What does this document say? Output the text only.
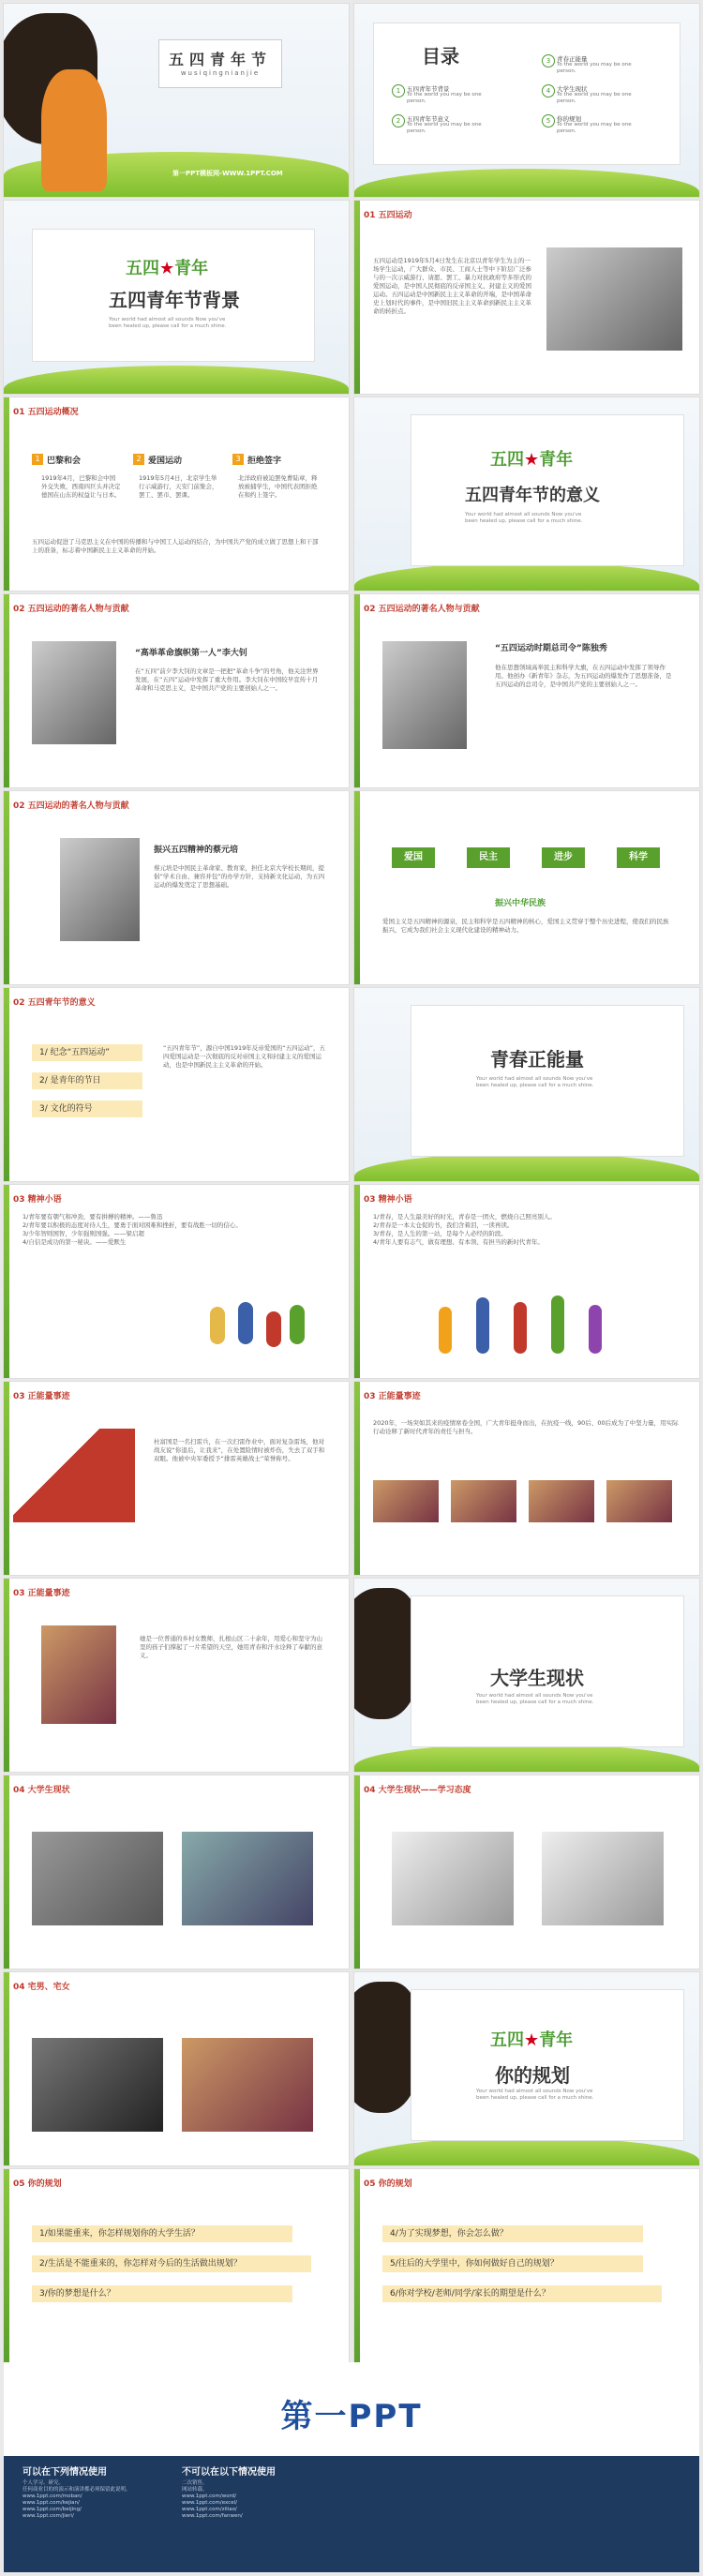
五四青年节
wusiqingnianjie
第一PPT模板网-WWW.1PPT.COM
目录
1	五四青年节背景
To the world you may be one person.
2	五四青年节意义
To the world you may be one person.
3	青春正能量
To the world you may be one person.
4	大学生现状
To the world you may be one person.
5	你的规划
To the world you may be one person.
五四★青年
五四青年节背景
Your world had almost all sounds Now you've been healed up, please call for a much shine.
01 五四运动
五四运动是1919年5月4日发生在北京以青年学生为主的一场学生运动，广大群众、市民、工商人士等中下阶层广泛参与的一次示威游行、请愿、罢工、暴力对抗政府等多形式的爱国运动，是中国人民彻底的反帝国主义、封建主义的爱国运动。五四运动是中国新民主主义革命的开端，是中国革命史上划时代的事件，是中国旧民主主义革命到新民主主义革命的转折点。
01 五四运动概况
1 巴黎和会
1919年4月，巴黎和会中国外交失败，西南四巨头并决定德国在山东的权益让与日本。
2 爱国运动
1919年5月4日，北京学生举行示威游行，天安门前集会，罢工、罢市、罢课。
3 拒绝签字
北洋政府被迫罢免曹陆章，释放被捕学生，中国代表团拒绝在和约上签字。
五四运动促进了马克思主义在中国的传播和与中国工人运动的结合，为中国共产党的成立做了思想上和干部上的准备，标志着中国新民主主义革命的开始。
五四★青年
五四青年节的意义
Your world had almost all sounds Now you've been healed up, please call for a much shine.
02 五四运动的著名人物与贡献
“高举革命旗帜第一人”李大钊
在“五四”前夕李大钊的文章是一把把“革命斗争”的号角，他关注世界发展，在“五四”运动中发挥了重大作用。李大钊在中国较早宣传十月革命和马克思主义，是中国共产党的主要创始人之一。
02 五四运动的著名人物与贡献
“五四运动时期总司令”陈独秀
他在思想领域高举民主和科学大旗，在五四运动中发挥了领导作用。他创办《新青年》杂志，为五四运动的爆发作了思想准备，是五四运动的总司令，是中国共产党的主要创始人之一。
02 五四运动的著名人物与贡献
振兴五四精神的蔡元培
蔡元培是中国民主革命家、教育家，担任北京大学校长期间，提倡“学术自由、兼容并包”的办学方针，支持新文化运动，为五四运动的爆发奠定了思想基础。
爱国	民主	进步	科学
振兴中华民族
爱国主义是五四精神的源泉，民主和科学是五四精神的核心，爱国主义贯穿于整个历史进程，使我们的民族振兴，它成为我们社会主义现代化建设的精神动力。
02 五四青年节的意义
1/ 纪念“五四运动”
2/ 是青年的节日
3/ 文化的符号
“五四青年节”，源自中国1919年反帝爱国的“五四运动”，五四爱国运动是一次彻底的反对帝国主义和封建主义的爱国运动，也是中国新民主主义革命的开始。	青春正能量
Your world had almost all sounds Now you've been healed up, please call for a much shine.
03 精神小语
1/青年要有朝气和冲劲，要有拼搏的精神。——鲁迅
2/青年要以积极的态度对待人生，要勇于面对困难和挫折，要有战胜一切的信心。
3/少年智则国智，少年强则国强。——梁启超
4/自信是成功的第一秘诀。——爱默生
03 精神小语
1/青春，是人生最美好的时光，青春是一团火，燃烧自己照亮别人。
2/青春是一本太仓促的书，我们含着泪，一读再读。
3/青春，是人生的第一站，是每个人必经的阶段。
4/青年人要有志气，做有理想、有本领、有担当的新时代青年。
03 正能量事迹
杜富国是一名扫雷兵，在一次扫雷作业中，面对复杂雷场，他对战友说“你退后，让我来”，在处置险情时被炸伤，失去了双手和双眼。他被中央军委授予“排雷英雄战士”荣誉称号。
03 正能量事迹
2020年，一场突如其来的疫情席卷全国，广大青年挺身而出，在抗疫一线，90后、00后成为了中坚力量，用实际行动诠释了新时代青年的责任与担当。
03 正能量事迹
她是一位普通的乡村女教师，扎根山区二十余年，用爱心和坚守为山里的孩子们撑起了一片希望的天空，她用青春和汗水诠释了奉献的意义。
大学生现状
Your world had almost all sounds Now you've been healed up, please call for a much shine.
04 大学生现状	04 大学生现状——学习态度
04 宅男、宅女
五四★青年
你的规划
Your world had almost all sounds Now you've been healed up, please call for a much shine.
05 你的规划
1/如果能重来，你怎样规划你的大学生活？
2/生活是不能重来的，你怎样对今后的生活做出规划？
3/你的梦想是什么？
05 你的规划
4/为了实现梦想，你会怎么做？
5/往后的大学里中，你如何做好自己的规划？
6/你对学校/老师/同学/家长的期望是什么？
第一PPT
可以在下列情况使用
个人学习、研究。
任何商业目的的演示和演讲都必须保留此说明。
www.1ppt.com/moban/
www.1ppt.com/kejian/
www.1ppt.com/beijing/
www.1ppt.com/jieri/
不可以在以下情况使用
二次销售。
网站转载。
www.1ppt.com/word/
www.1ppt.com/excel/
www.1ppt.com/ziliao/
www.1ppt.com/fanwen/
